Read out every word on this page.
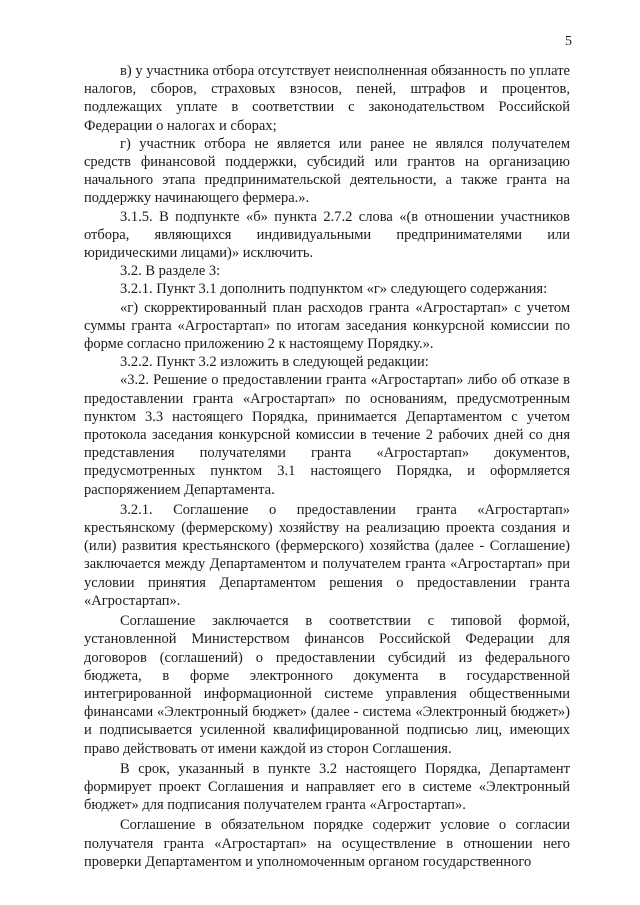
5

в) у участника отбора отсутствует неисполненная обязанность по уплате налогов, сборов, страховых взносов, пеней, штрафов и процентов, подлежащих уплате в соответствии с законодательством Российской Федерации о налогах и сборах;

г) участник отбора не является или ранее не являлся получателем средств финансовой поддержки, субсидий или грантов на организацию начального этапа предпринимательской деятельности, а также гранта на поддержку начинающего фермера.».

3.1.5. В подпункте «б» пункта 2.7.2 слова «(в отношении участников отбора, являющихся индивидуальными предпринимателями или юридическими лицами)» исключить.

3.2. В разделе 3:

3.2.1. Пункт 3.1 дополнить подпунктом «г» следующего содержания:

«г) скорректированный план расходов гранта «Агростартап» с учетом суммы гранта «Агростартап» по итогам заседания конкурсной комиссии по форме согласно приложению 2 к настоящему Порядку.».

3.2.2. Пункт 3.2 изложить в следующей редакции:

«3.2. Решение о предоставлении гранта «Агростартап» либо об отказе в предоставлении гранта «Агростартап» по основаниям, предусмотренным пунктом 3.3 настоящего Порядка, принимается Департаментом с учетом протокола заседания конкурсной комиссии в течение 2 рабочих дней со дня представления получателями гранта «Агростартап» документов, предусмотренных пунктом 3.1 настоящего Порядка, и оформляется распоряжением Департамента.

3.2.1. Соглашение о предоставлении гранта «Агростартап» крестьянскому (фермерскому) хозяйству на реализацию проекта создания и (или) развития крестьянского (фермерского) хозяйства (далее - Соглашение) заключается между Департаментом и получателем гранта «Агростартап» при условии принятия Департаментом решения о предоставлении гранта «Агростартап».

Соглашение заключается в соответствии с типовой формой, установленной Министерством финансов Российской Федерации для договоров (соглашений) о предоставлении субсидий из федерального бюджета, в форме электронного документа в государственной интегрированной информационной системе управления общественными финансами «Электронный бюджет» (далее - система «Электронный бюджет») и подписывается усиленной квалифицированной подписью лиц, имеющих право действовать от имени каждой из сторон Соглашения.

В срок, указанный в пункте 3.2 настоящего Порядка, Департамент формирует проект Соглашения и направляет его в системе «Электронный бюджет» для подписания получателем гранта «Агростартап».

Соглашение в обязательном порядке содержит условие о согласии получателя гранта «Агростартап» на осуществление в отношении него проверки Департаментом и уполномоченным органом государственного
